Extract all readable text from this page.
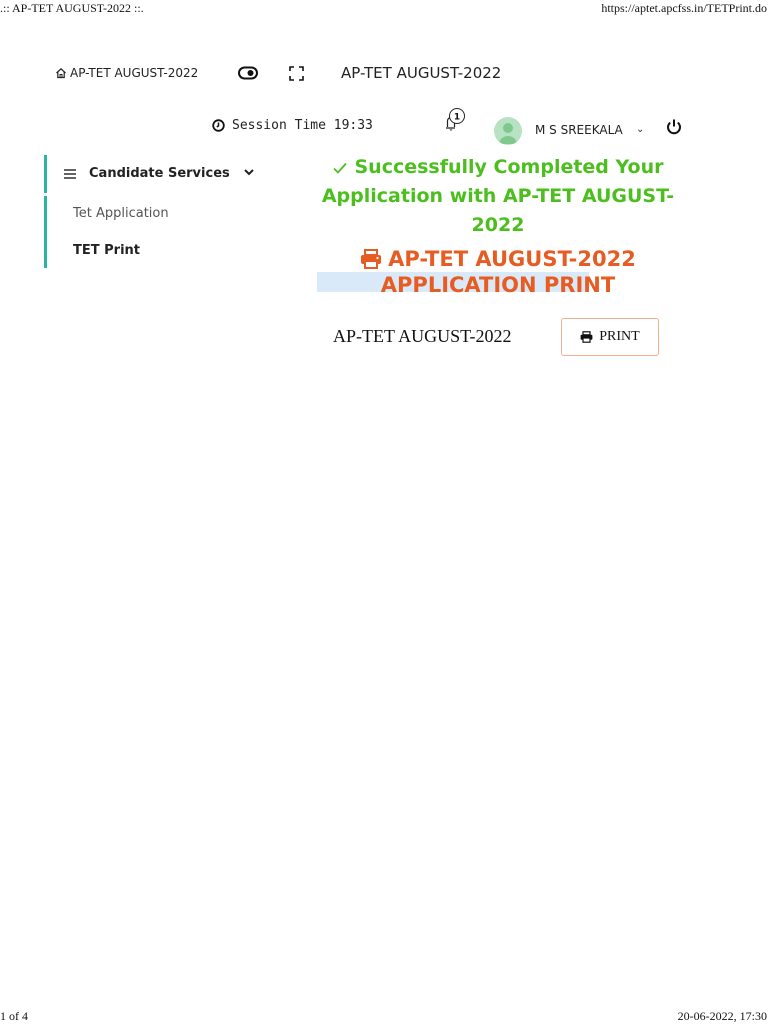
.:: AP-TET AUGUST-2022 ::.	https://aptet.apcfss.in/TETPrint.do
1 of 4	20-06-2022, 17:30
AP-TET AUGUST-2022	AP-TET AUGUST-2022
Session Time 19:33
1
M S SREEKALA ⌄
Candidate Services
Tet Application
TET Print
Successfully Completed Your
Application with AP-TET AUGUST-2022
AP-TET AUGUST-2022
APPLICATION PRINT
AP-TET AUGUST-2022	PRINT
